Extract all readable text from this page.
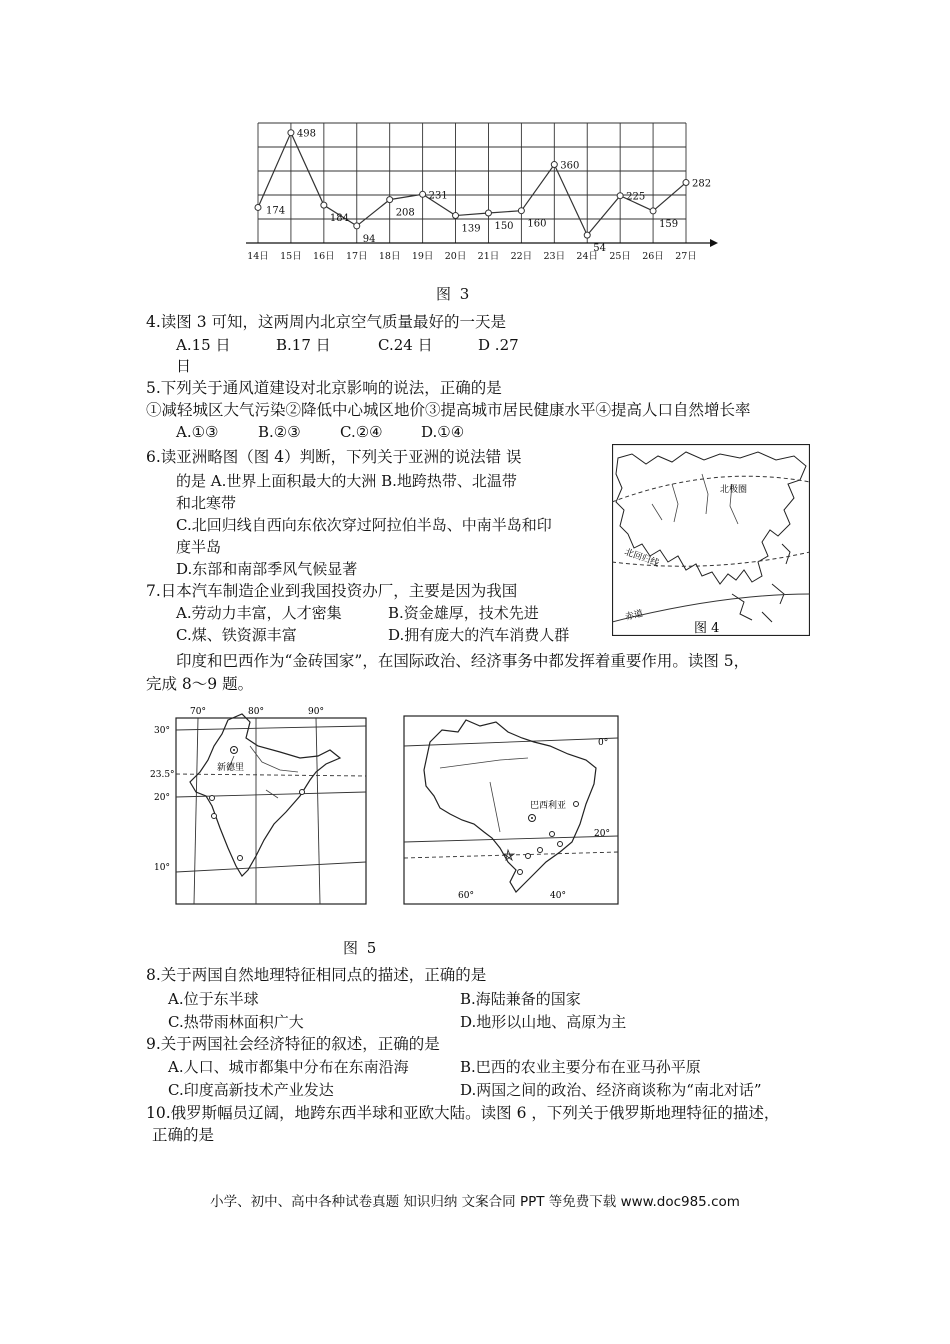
174
498
184
94
208
231
139 150 160
360
54
225
159
282
14日 15日 16日 17日 18日 19日 20日 21日 22日 23日 24日 25日 26日 27日
图 3
4.读图 3 可知，这两周内北京空气质量最好的一天是
A.15 日	B.17 日	C.24 日	D .27
日
5.下列关于通风道建设对北京影响的说法，正确的是
①减轻城区大气污染②降低中心城区地价③提高城市居民健康水平④提高人口自然增长率
A.①③	B.②③	C.②④	D.①④
6.读亚洲略图（图 4）判断，下列关于亚洲的说法错 误
的是 A.世界上面积最大的大洲 B.地跨热带、北温带
和北寒带
C.北回归线自西向东依次穿过阿拉伯半岛、中南半岛和印
度半岛
D.东部和南部季风气候显著
北极圈
北回归线
赤道
图 4
7.日本汽车制造企业到我国投资办厂，主要是因为我国
A.劳动力丰富，人才密集	B.资金雄厚，技术先进
C.煤、铁资源丰富	D.拥有庞大的汽车消费人群
印度和巴西作为“金砖国家”，在国际政治、经济事务中都发挥着重要作用。读图 5，
完成 8～9 题。
新德里
70°	80°	90°
30°
23.5°
20°
10°
巴西利亚
0°
20°
60°	40°
图 5
8.关于两国自然地理特征相同点的描述，正确的是
A.位于东半球	B.海陆兼备的国家
C.热带雨林面积广大	D.地形以山地、高原为主
9.关于两国社会经济特征的叙述，正确的是
A.人口、城市都集中分布在东南沿海	B.巴西的农业主要分布在亚马孙平原
C.印度高新技术产业发达	D.两国之间的政治、经济商谈称为“南北对话”
10.俄罗斯幅员辽阔，地跨东西半球和亚欧大陆。读图 6 ，下列关于俄罗斯地理特征的描述，
正确的是
小学、初中、高中各种试卷真题 知识归纳 文案合同 PPT 等免费下载 www.doc985.com
